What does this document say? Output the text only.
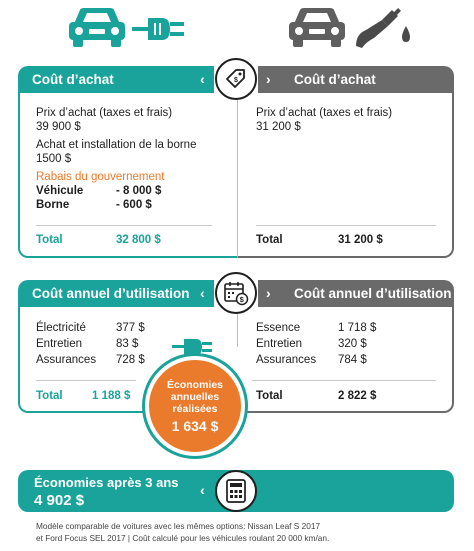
Coût d’achat	‹	Coût d’achat
›
$
Prix d’achat (taxes et frais)
39 900 $
Achat et installation de la borne
1500 $
Rabais du gouvernement
Véhicule	- 8 000 $
Borne	- 600 $
Total	32 800 $
Prix d’achat (taxes et frais)
31 200 $
Total	31 200 $
Coût annuel d’utilisation ‹	Coût annuel d’utilisation
›
$
Électricité	377 $
Entretien	83 $
Assurances 728 $
Total	1 188 $
Essence	1 718 $
Entretien	320 $
Assurances 784 $
Total	2 822 $
Économies
annuelles
réalisées
1 634 $
Économies après 3 ans
4 902 $
‹
Modèle comparable de voitures avec les mêmes options: Nissan Leaf S 2017
et Ford Focus SEL 2017 | Coût calculé pour les véhicules roulant 20 000 km/an.
